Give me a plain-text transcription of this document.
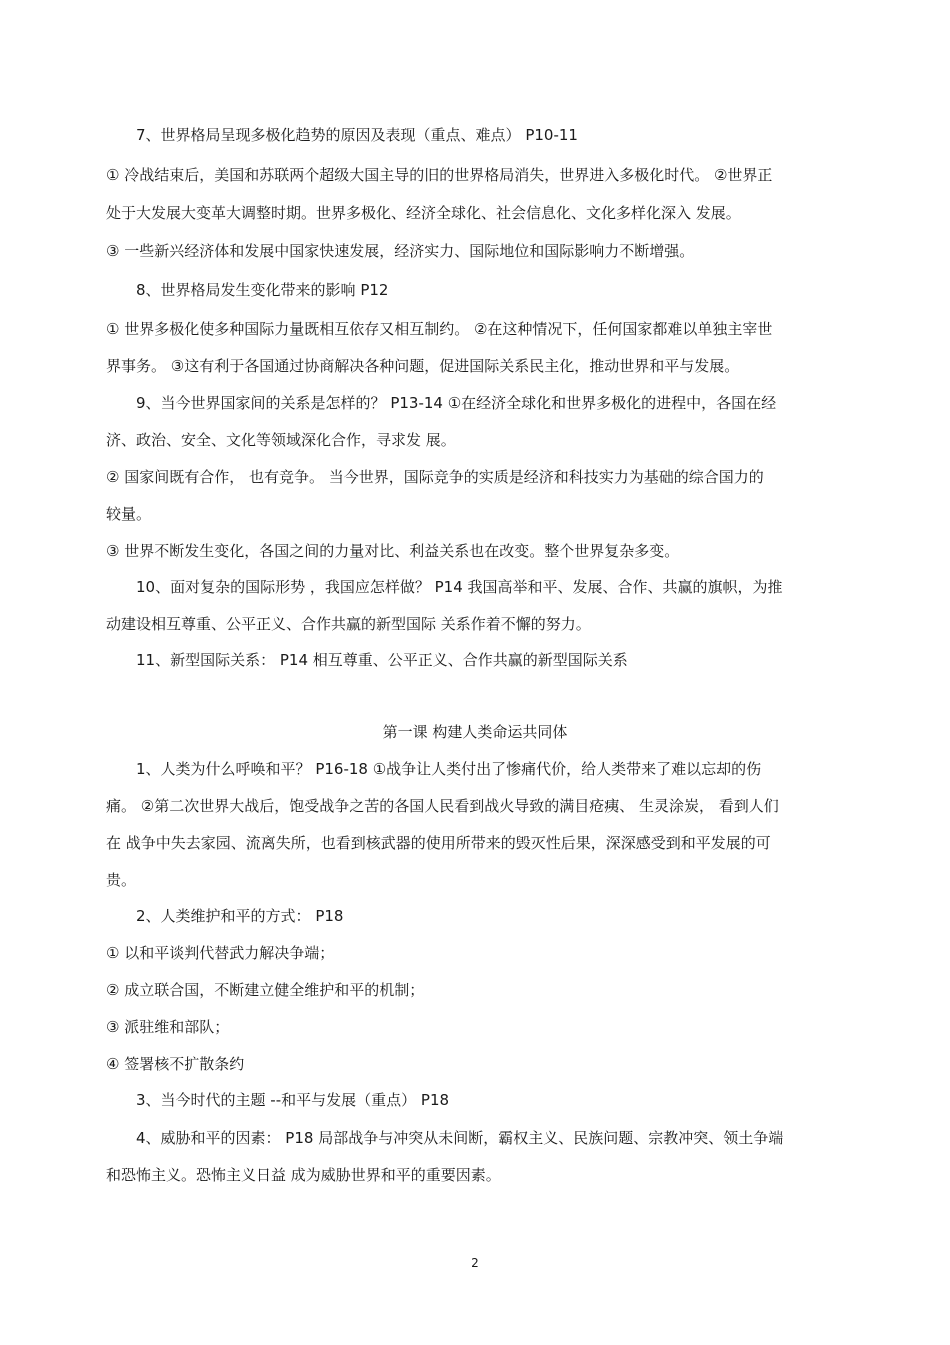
7、世界格局呈现多极化趋势的原因及表现（重点、难点） P10-11
① 冷战结束后，美国和苏联两个超级大国主导的旧的世界格局消失，世界进入多极化时代。 ②世界正
处于大发展大变革大调整时期。世界多极化、经济全球化、社会信息化、文化多样化深入 发展。
③ 一些新兴经济体和发展中国家快速发展，经济实力、国际地位和国际影响力不断增强。
8、世界格局发生变化带来的影响 P12
① 世界多极化使多种国际力量既相互依存又相互制约。 ②在这种情况下，任何国家都难以单独主宰世
界事务。 ③这有利于各国通过协商解决各种问题，促进国际关系民主化，推动世界和平与发展。
9、当今世界国家间的关系是怎样的？ P13-14 ①在经济全球化和世界多极化的进程中，各国在经
济、政治、安全、文化等领域深化合作，寻求发 展。
② 国家间既有合作， 也有竞争。 当今世界，国际竞争的实质是经济和科技实力为基础的综合国力的
较量。
③ 世界不断发生变化，各国之间的力量对比、利益关系也在改变。整个世界复杂多变。
10、面对复杂的国际形势 ，我国应怎样做？ P14 我国高举和平、发展、合作、共赢的旗帜，为推
动建设相互尊重、公平正义、合作共赢的新型国际 关系作着不懈的努力。
11、新型国际关系： P14 相互尊重、公平正义、合作共赢的新型国际关系
第一课 构建人类命运共同体
1、人类为什么呼唤和平？ P16-18 ①战争让人类付出了惨痛代价，给人类带来了难以忘却的伤
痛。 ②第二次世界大战后，饱受战争之苦的各国人民看到战火导致的满目疮痍、 生灵涂炭， 看到人们
在 战争中失去家园、流离失所，也看到核武器的使用所带来的毁灭性后果，深深感受到和平发展的可
贵。
2、人类维护和平的方式： P18
① 以和平谈判代替武力解决争端；
② 成立联合国，不断建立健全维护和平的机制；
③ 派驻维和部队；
④ 签署核不扩散条约
3、当今时代的主题 --和平与发展（重点） P18
4、威胁和平的因素： P18 局部战争与冲突从未间断，霸权主义、民族问题、宗教冲突、领土争端
和恐怖主义。恐怖主义日益 成为威胁世界和平的重要因素。
2
